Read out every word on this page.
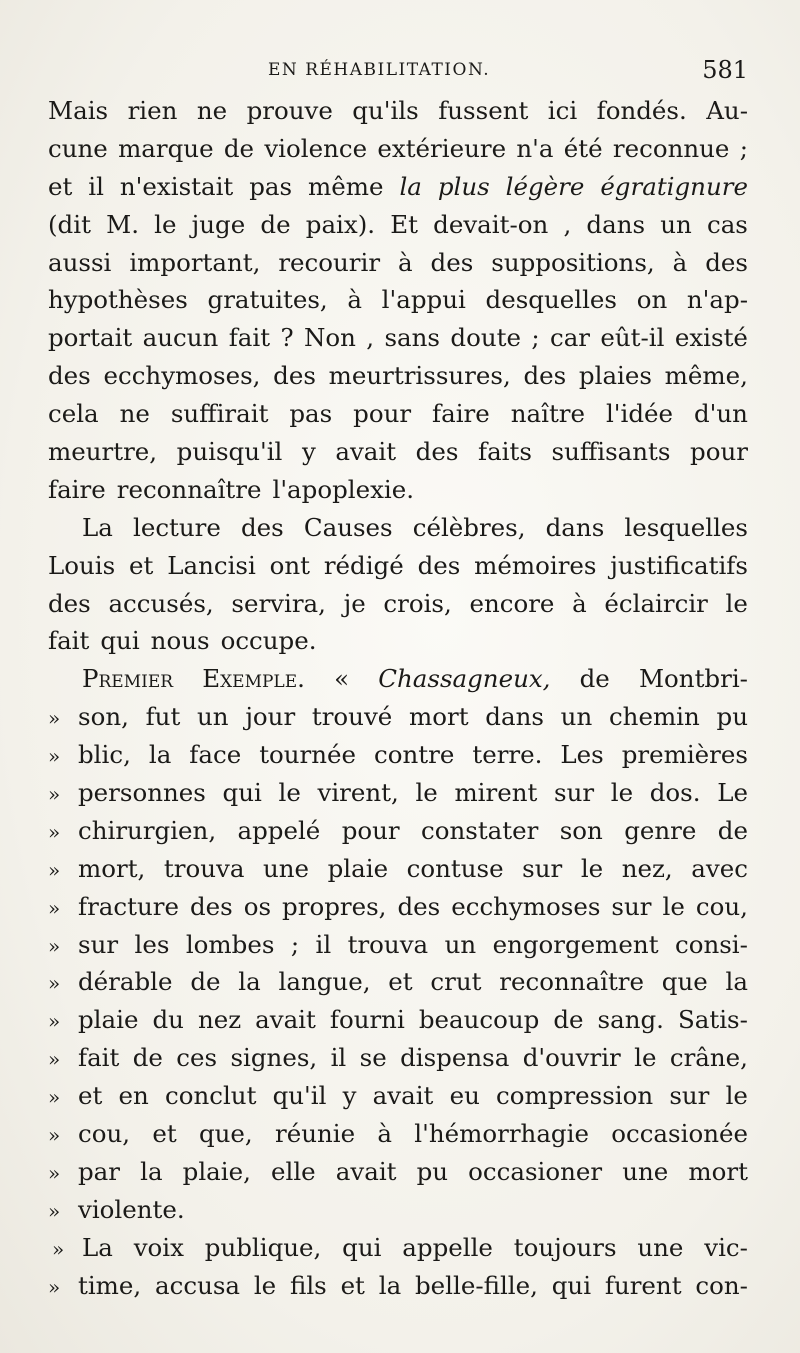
EN RÉHABILITATION.	581
Mais rien ne prouve qu'ils fussent ici fondés. Au-
cune marque de violence extérieure n'a été reconnue ;
et il n'existait pas même la plus légère égratignure
(dit M. le juge de paix). Et devait-on , dans un cas
aussi important, recourir à des suppositions, à des
hypothèses gratuites, à l'appui desquelles on n'ap-
portait aucun fait ? Non , sans doute ; car eût-il existé
des ecchymoses, des meurtrissures, des plaies même,
cela ne suffirait pas pour faire naître l'idée d'un
meurtre, puisqu'il y avait des faits suffisants pour
faire reconnaître l'apoplexie.
La lecture des Causes célèbres, dans lesquelles
Louis et Lancisi ont rédigé des mémoires justificatifs
des accusés, servira, je crois, encore à éclaircir le
fait qui nous occupe.
Premier Exemple. « Chassagneux, de Montbri-
» son, fut un jour trouvé mort dans un chemin pu
» blic, la face tournée contre terre. Les premières
» personnes qui le virent, le mirent sur le dos. Le
» chirurgien, appelé pour constater son genre de
» mort, trouva une plaie contuse sur le nez, avec
» fracture des os propres, des ecchymoses sur le cou,
» sur les lombes ; il trouva un engorgement consi-
» dérable de la langue, et crut reconnaître que la
» plaie du nez avait fourni beaucoup de sang. Satis-
» fait de ces signes, il se dispensa d'ouvrir le crâne,
» et en conclut qu'il y avait eu compression sur le
» cou, et que, réunie à l'hémorrhagie occasionée
» par la plaie, elle avait pu occasioner une mort
» violente.
» La voix publique, qui appelle toujours une vic-
» time, accusa le fils et la belle-fille, qui furent con-
